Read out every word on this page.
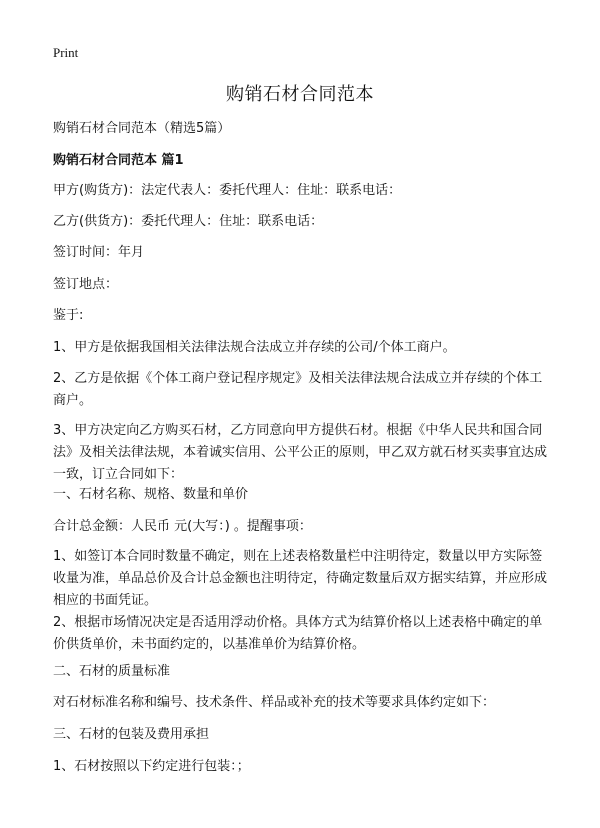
Print
购销石材合同范本

购销石材合同范本（精选5篇）

购销石材合同范本 篇1

甲方(购货方)：法定代表人：委托代理人：住址：联系电话：

乙方(供货方)：委托代理人：住址：联系电话：

签订时间：年月

签订地点：

鉴于:

1、甲方是依据我国相关法律法规合法成立并存续的公司/个体工商户。

2、乙方是依据《个体工商户登记程序规定》及相关法律法规合法成立并存续的个体工商户。

3、甲方决定向乙方购买石材，乙方同意向甲方提供石材。根据《中华人民共和国合同法》及相关法律法规，本着诚实信用、公平公正的原则，甲乙双方就石材买卖事宜达成一致，订立合同如下：

一、石材名称、规格、数量和单价

合计总金额：人民币 元(大写：) 。提醒事项：

1、如签订本合同时数量不确定，则在上述表格数量栏中注明待定，数量以甲方实际签收量为准，单品总价及合计总金额也注明待定，待确定数量后双方据实结算，并应形成相应的书面凭证。

2、根据市场情况决定是否适用浮动价格。具体方式为结算价格以上述表格中确定的单价供货单价，未书面约定的，以基准单价为结算价格。

二、石材的质量标准

对石材标准名称和编号、技术条件、样品或补充的技术等要求具体约定如下：

三、石材的包装及费用承担

1、石材按照以下约定进行包装：；
